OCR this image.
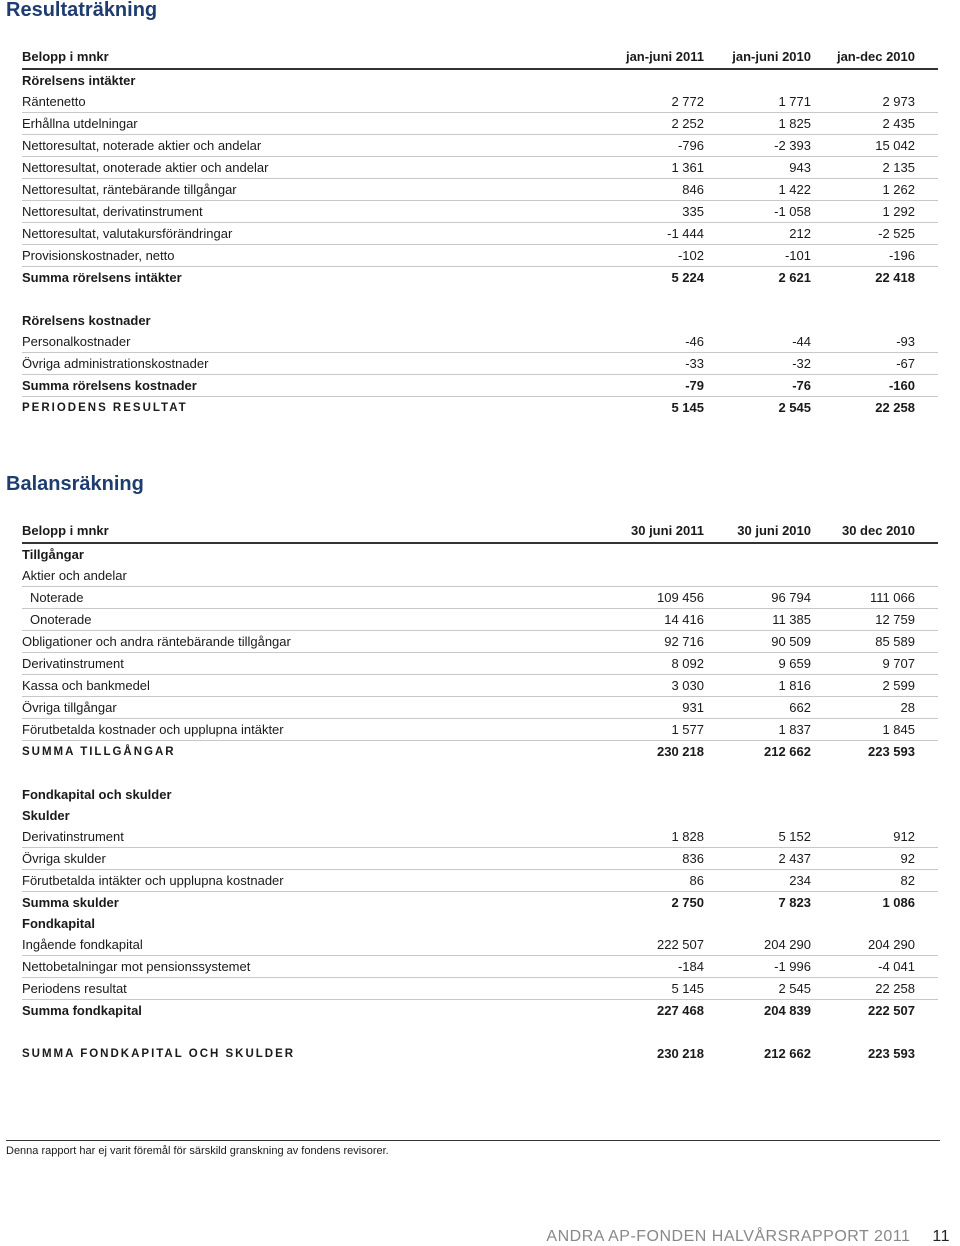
Resultaträkning
Belopp i mnkr	jan-juni 2011	jan-juni 2010	jan-dec 2010
Rörelsens intäkter
Räntenetto	2 772	1 771	2 973
Erhållna utdelningar	2 252	1 825	2 435
Nettoresultat, noterade aktier och andelar	-796	-2 393	15 042
Nettoresultat, onoterade aktier och andelar	1 361	943	2 135
Nettoresultat, räntebärande tillgångar	846	1 422	1 262
Nettoresultat, derivatinstrument	335	-1 058	1 292
Nettoresultat, valutakursförändringar	-1 444	212	-2 525
Provisionskostnader, netto	-102	-101	-196
Summa rörelsens intäkter	5 224	2 621	22 418
Rörelsens kostnader
Personalkostnader	-46	-44	-93
Övriga administrationskostnader	-33	-32	-67
Summa rörelsens kostnader	-79	-76	-160
PERIODENS RESULTAT	5 145	2 545	22 258
Balansräkning
Belopp i mnkr	30 juni 2011	30 juni 2010	30 dec 2010
Tillgångar
Aktier och andelar
Noterade	109 456	96 794	111 066
Onoterade	14 416	11 385	12 759
Obligationer och andra räntebärande tillgångar	92 716	90 509	85 589
Derivatinstrument	8 092	9 659	9 707
Kassa och bankmedel	3 030	1 816	2 599
Övriga tillgångar	931	662	28
Förutbetalda kostnader och upplupna intäkter	1 577	1 837	1 845
SUMMA TILLGÅNGAR	230 218	212 662	223 593
Fondkapital och skulder
Skulder
Derivatinstrument	1 828	5 152	912
Övriga skulder	836	2 437	92
Förutbetalda intäkter och upplupna kostnader	86	234	82
Summa skulder	2 750	7 823	1 086
Fondkapital
Ingående fondkapital	222 507	204 290	204 290
Nettobetalningar mot pensionssystemet	-184	-1 996	-4 041
Periodens resultat	5 145	2 545	22 258
Summa fondkapital	227 468	204 839	222 507
SUMMA FONDKAPITAL OCH SKULDER	230 218	212 662	223 593
Denna rapport har ej varit föremål för särskild granskning av fondens revisorer.
ANDRA AP-FONDEN HALVÅRSRAPPORT 2011 11
